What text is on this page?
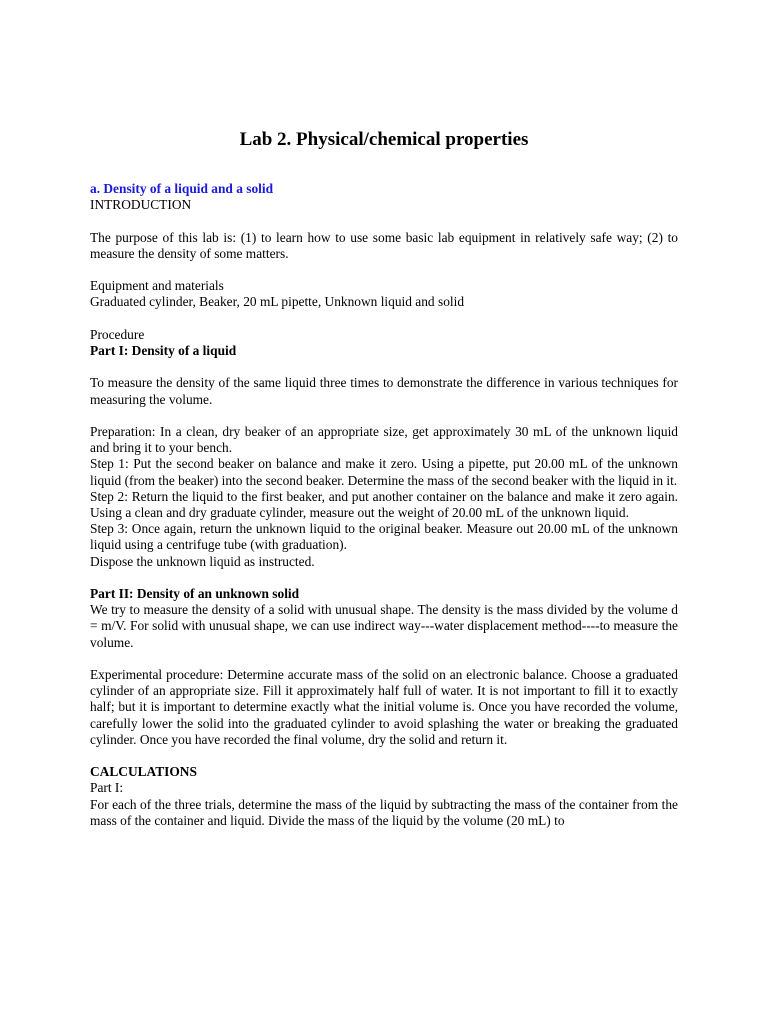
Lab 2. Physical/chemical properties

a. Density of a liquid and a solid

INTRODUCTION

The purpose of this lab is: (1) to learn how to use some basic lab equipment in relatively safe way; (2) to measure the density of some matters.

Equipment and materials

Graduated cylinder, Beaker, 20 mL pipette, Unknown liquid and solid

Procedure

Part I: Density of a liquid

To measure the density of the same liquid three times to demonstrate the difference in various techniques for measuring the volume.

Preparation: In a clean, dry beaker of an appropriate size, get approximately 30 mL of the unknown liquid and bring it to your bench.

Step 1: Put the second beaker on balance and make it zero. Using a pipette, put 20.00 mL of the unknown liquid (from the beaker) into the second beaker. Determine the mass of the second beaker with the liquid in it.

Step 2: Return the liquid to the first beaker, and put another container on the balance and make it zero again. Using a clean and dry graduate cylinder, measure out the weight of 20.00 mL of the unknown liquid.

Step 3: Once again, return the unknown liquid to the original beaker. Measure out 20.00 mL of the unknown liquid using a centrifuge tube (with graduation).

Dispose the unknown liquid as instructed.

Part II: Density of an unknown solid

We try to measure the density of a solid with unusual shape. The density is the mass divided by the volume d = m/V. For solid with unusual shape, we can use indirect way---water displacement method----to measure the volume.

Experimental procedure: Determine accurate mass of the solid on an electronic balance. Choose a graduated cylinder of an appropriate size. Fill it approximately half full of water. It is not important to fill it to exactly half; but it is important to determine exactly what the initial volume is. Once you have recorded the volume, carefully lower the solid into the graduated cylinder to avoid splashing the water or breaking the graduated cylinder. Once you have recorded the final volume, dry the solid and return it.

CALCULATIONS

Part I:

For each of the three trials, determine the mass of the liquid by subtracting the mass of the container from the mass of the container and liquid. Divide the mass of the liquid by the volume (20 mL) to
